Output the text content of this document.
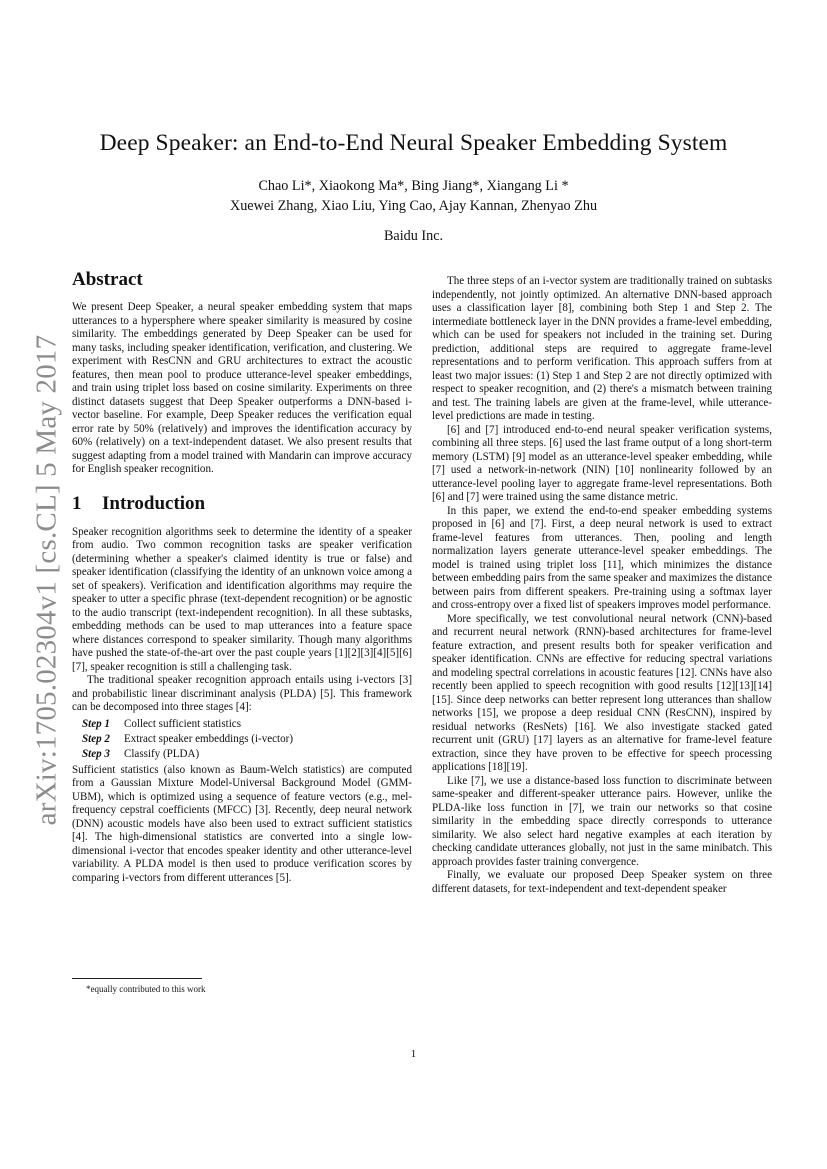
arXiv:1705.02304v1 [cs.CL] 5 May 2017
Deep Speaker: an End-to-End Neural Speaker Embedding System
Chao Li*, Xiaokong Ma*, Bing Jiang*, Xiangang Li *
Xuewei Zhang, Xiao Liu, Ying Cao, Ajay Kannan, Zhenyao Zhu
Baidu Inc.
Abstract

We present Deep Speaker, a neural speaker embedding system that maps utterances to a hypersphere where speaker similarity is measured by cosine similarity. The embeddings generated by Deep Speaker can be used for many tasks, including speaker identification, verification, and clustering. We experiment with ResCNN and GRU architectures to extract the acoustic features, then mean pool to produce utterance-level speaker embeddings, and train using triplet loss based on cosine similarity. Experiments on three distinct datasets suggest that Deep Speaker outperforms a DNN-based i-vector baseline. For example, Deep Speaker reduces the verification equal error rate by 50% (relatively) and improves the identification accuracy by 60% (relatively) on a text-independent dataset. We also present results that suggest adapting from a model trained with Mandarin can improve accuracy for English speaker recognition.

1 Introduction

Speaker recognition algorithms seek to determine the identity of a speaker from audio. Two common recognition tasks are speaker verification (determining whether a speaker's claimed identity is true or false) and speaker identification (classifying the identity of an unknown voice among a set of speakers). Verification and identification algorithms may require the speaker to utter a specific phrase (text-dependent recognition) or be agnostic to the audio transcript (text-independent recognition). In all these subtasks, embedding methods can be used to map utterances into a feature space where distances correspond to speaker similarity. Though many algorithms have pushed the state-of-the-art over the past couple years [1][2][3][4][5][6][7], speaker recognition is still a challenging task.

The traditional speaker recognition approach entails using i-vectors [3] and probabilistic linear discriminant analysis (PLDA) [5]. This framework can be decomposed into three stages [4]:

Step 1 Collect sufficient statistics
Step 2 Extract speaker embeddings (i-vector)
Step 3 Classify (PLDA)

Sufficient statistics (also known as Baum-Welch statistics) are computed from a Gaussian Mixture Model-Universal Background Model (GMM-UBM), which is optimized using a sequence of feature vectors (e.g., mel-frequency cepstral coefficients (MFCC) [3]. Recently, deep neural network (DNN) acoustic models have also been used to extract sufficient statistics [4]. The high-dimensional statistics are converted into a single low-dimensional i-vector that encodes speaker identity and other utterance-level variability. A PLDA model is then used to produce verification scores by comparing i-vectors from different utterances [5].

The three steps of an i-vector system are traditionally trained on subtasks independently, not jointly optimized. An alternative DNN-based approach uses a classification layer [8], combining both Step 1 and Step 2. The intermediate bottleneck layer in the DNN provides a frame-level embedding, which can be used for speakers not included in the training set. During prediction, additional steps are required to aggregate frame-level representations and to perform verification. This approach suffers from at least two major issues: (1) Step 1 and Step 2 are not directly optimized with respect to speaker recognition, and (2) there's a mismatch between training and test. The training labels are given at the frame-level, while utterance-level predictions are made in testing.

[6] and [7] introduced end-to-end neural speaker verification systems, combining all three steps. [6] used the last frame output of a long short-term memory (LSTM) [9] model as an utterance-level speaker embedding, while [7] used a network-in-network (NIN) [10] nonlinearity followed by an utterance-level pooling layer to aggregate frame-level representations. Both [6] and [7] were trained using the same distance metric.

In this paper, we extend the end-to-end speaker embedding systems proposed in [6] and [7]. First, a deep neural network is used to extract frame-level features from utterances. Then, pooling and length normalization layers generate utterance-level speaker embeddings. The model is trained using triplet loss [11], which minimizes the distance between embedding pairs from the same speaker and maximizes the distance between pairs from different speakers. Pre-training using a softmax layer and cross-entropy over a fixed list of speakers improves model performance.

More specifically, we test convolutional neural network (CNN)-based and recurrent neural network (RNN)-based architectures for frame-level feature extraction, and present results both for speaker verification and speaker identification. CNNs are effective for reducing spectral variations and modeling spectral correlations in acoustic features [12]. CNNs have also recently been applied to speech recognition with good results [12][13][14][15]. Since deep networks can better represent long utterances than shallow networks [15], we propose a deep residual CNN (ResCNN), inspired by residual networks (ResNets) [16]. We also investigate stacked gated recurrent unit (GRU) [17] layers as an alternative for frame-level feature extraction, since they have proven to be effective for speech processing applications [18][19].

Like [7], we use a distance-based loss function to discriminate between same-speaker and different-speaker utterance pairs. However, unlike the PLDA-like loss function in [7], we train our networks so that cosine similarity in the embedding space directly corresponds to utterance similarity. We also select hard negative examples at each iteration by checking candidate utterances globally, not just in the same minibatch. This approach provides faster training convergence.

Finally, we evaluate our proposed Deep Speaker system on three different datasets, for text-independent and text-dependent speaker

*equally contributed to this work
1
